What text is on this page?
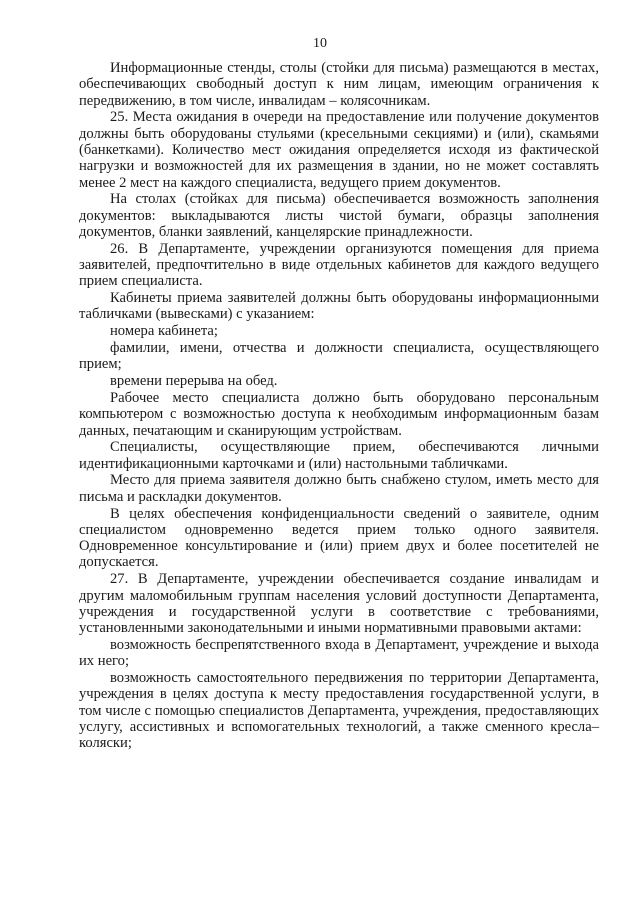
10

Информационные стенды, столы (стойки для письма) размещаются в местах, обеспечивающих свободный доступ к ним лицам, имеющим ограничения к передвижению, в том числе, инвалидам – колясочникам.

25. Места ожидания в очереди на предоставление или получение документов должны быть оборудованы стульями (кресельными секциями) и (или), скамьями (банкетками). Количество мест ожидания определяется исходя из фактической нагрузки и возможностей для их размещения в здании, но не может составлять менее 2 мест на каждого специалиста, ведущего прием документов.

На столах (стойках для письма) обеспечивается возможность заполнения документов: выкладываются листы чистой бумаги, образцы заполнения документов, бланки заявлений, канцелярские принадлежности.

26. В Департаменте, учреждении организуются помещения для приема заявителей, предпочтительно в виде отдельных кабинетов для каждого ведущего прием специалиста.

Кабинеты приема заявителей должны быть оборудованы информационными табличками (вывесками) с указанием:

номера кабинета;

фамилии, имени, отчества и должности специалиста, осуществляющего прием;

времени перерыва на обед.

Рабочее место специалиста должно быть оборудовано персональным компьютером с возможностью доступа к необходимым информационным базам данных, печатающим и сканирующим устройствам.

Специалисты, осуществляющие прием, обеспечиваются личными идентификационными карточками и (или) настольными табличками.

Место для приема заявителя должно быть снабжено стулом, иметь место для письма и раскладки документов.

В целях обеспечения конфиденциальности сведений о заявителе, одним специалистом одновременно ведется прием только одного заявителя. Одновременное консультирование и (или) прием двух и более посетителей не допускается.

27. В Департаменте, учреждении обеспечивается создание инвалидам и другим маломобильным группам населения условий доступности Департамента, учреждения и государственной услуги в соответствие с требованиями, установленными законодательными и иными нормативными правовыми актами:

возможность беспрепятственного входа в Департамент, учреждение и выхода их него;

возможность самостоятельного передвижения по территории Департамента, учреждения в целях доступа к месту предоставления государственной услуги, в том числе с помощью специалистов Департамента, учреждения, предоставляющих услугу, ассистивных и вспомогательных технологий, а также сменного кресла–коляски;
